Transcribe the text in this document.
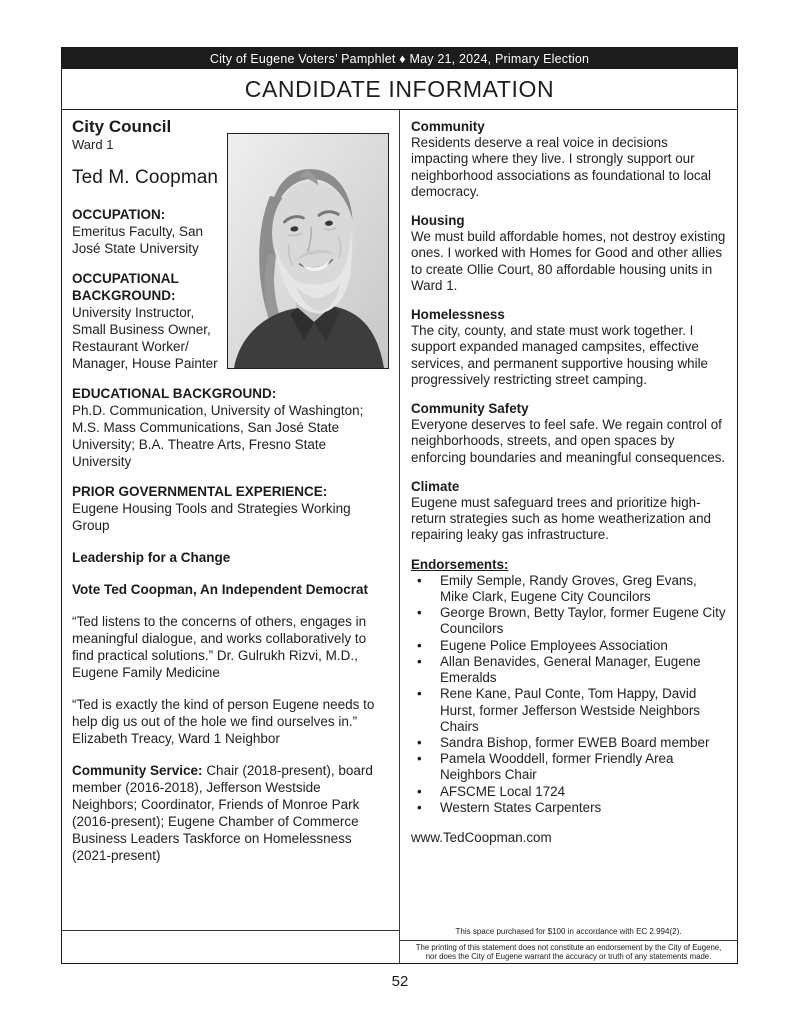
City of Eugene Voters’ Pamphlet ♦ May 21, 2024, Primary Election
CANDIDATE INFORMATION
City Council
Ward 1
Ted M. Coopman

OCCUPATION:

Emeritus Faculty, San José State University

OCCUPATIONAL BACKGROUND:

University Instructor, Small Business Owner, Restaurant Worker/ Manager, House Painter

EDUCATIONAL BACKGROUND:

Ph.D. Communication, University of Washington; M.S. Mass Communications, San José State University; B.A. Theatre Arts, Fresno State University

PRIOR GOVERNMENTAL EXPERIENCE:

Eugene Housing Tools and Strategies Working Group

Leadership for a Change

Vote Ted Coopman, An Independent Democrat

“Ted listens to the concerns of others, engages in meaningful dialogue, and works collaboratively to find practical solutions.” Dr. Gulrukh Rizvi, M.D., Eugene Family Medicine

“Ted is exactly the kind of person Eugene needs to help dig us out of the hole we find ourselves in.” Elizabeth Treacy, Ward 1 Neighbor

Community Service: Chair (2018-present), board member (2016-2018), Jefferson Westside Neighbors; Coordinator, Friends of Monroe Park (2016-present); Eugene Chamber of Commerce Business Leaders Taskforce on Homelessness (2021-present)

Community

Residents deserve a real voice in decisions impacting where they live. I strongly support our neighborhood associations as foundational to local democracy.

Housing

We must build affordable homes, not destroy existing ones. I worked with Homes for Good and other allies to create Ollie Court, 80 affordable housing units in Ward 1.

Homelessness

The city, county, and state must work together. I support expanded managed campsites, effective services, and permanent supportive housing while progressively restricting street camping.

Community Safety

Everyone deserves to feel safe. We regain control of neighborhoods, streets, and open spaces by enforcing boundaries and meaningful consequences.

Climate

Eugene must safeguard trees and prioritize high-return strategies such as home weatherization and repairing leaky gas infrastructure.

Endorsements:

• Emily Semple, Randy Groves, Greg Evans, Mike Clark, Eugene City Councilors
• George Brown, Betty Taylor, former Eugene City Councilors
• Eugene Police Employees Association
• Allan Benavides, General Manager, Eugene Emeralds
• Rene Kane, Paul Conte, Tom Happy, David Hurst, former Jefferson Westside Neighbors Chairs
• Sandra Bishop, former EWEB Board member
• Pamela Wooddell, former Friendly Area Neighbors Chair
• AFSCME Local 1724
• Western States Carpenters

www.TedCoopman.com

This space purchased for $100 in accordance with EC 2.994(2).
The printing of this statement does not constitute an endorsement by the City of Eugene, nor does the City of Eugene warrant the accuracy or truth of any statements made.
52
